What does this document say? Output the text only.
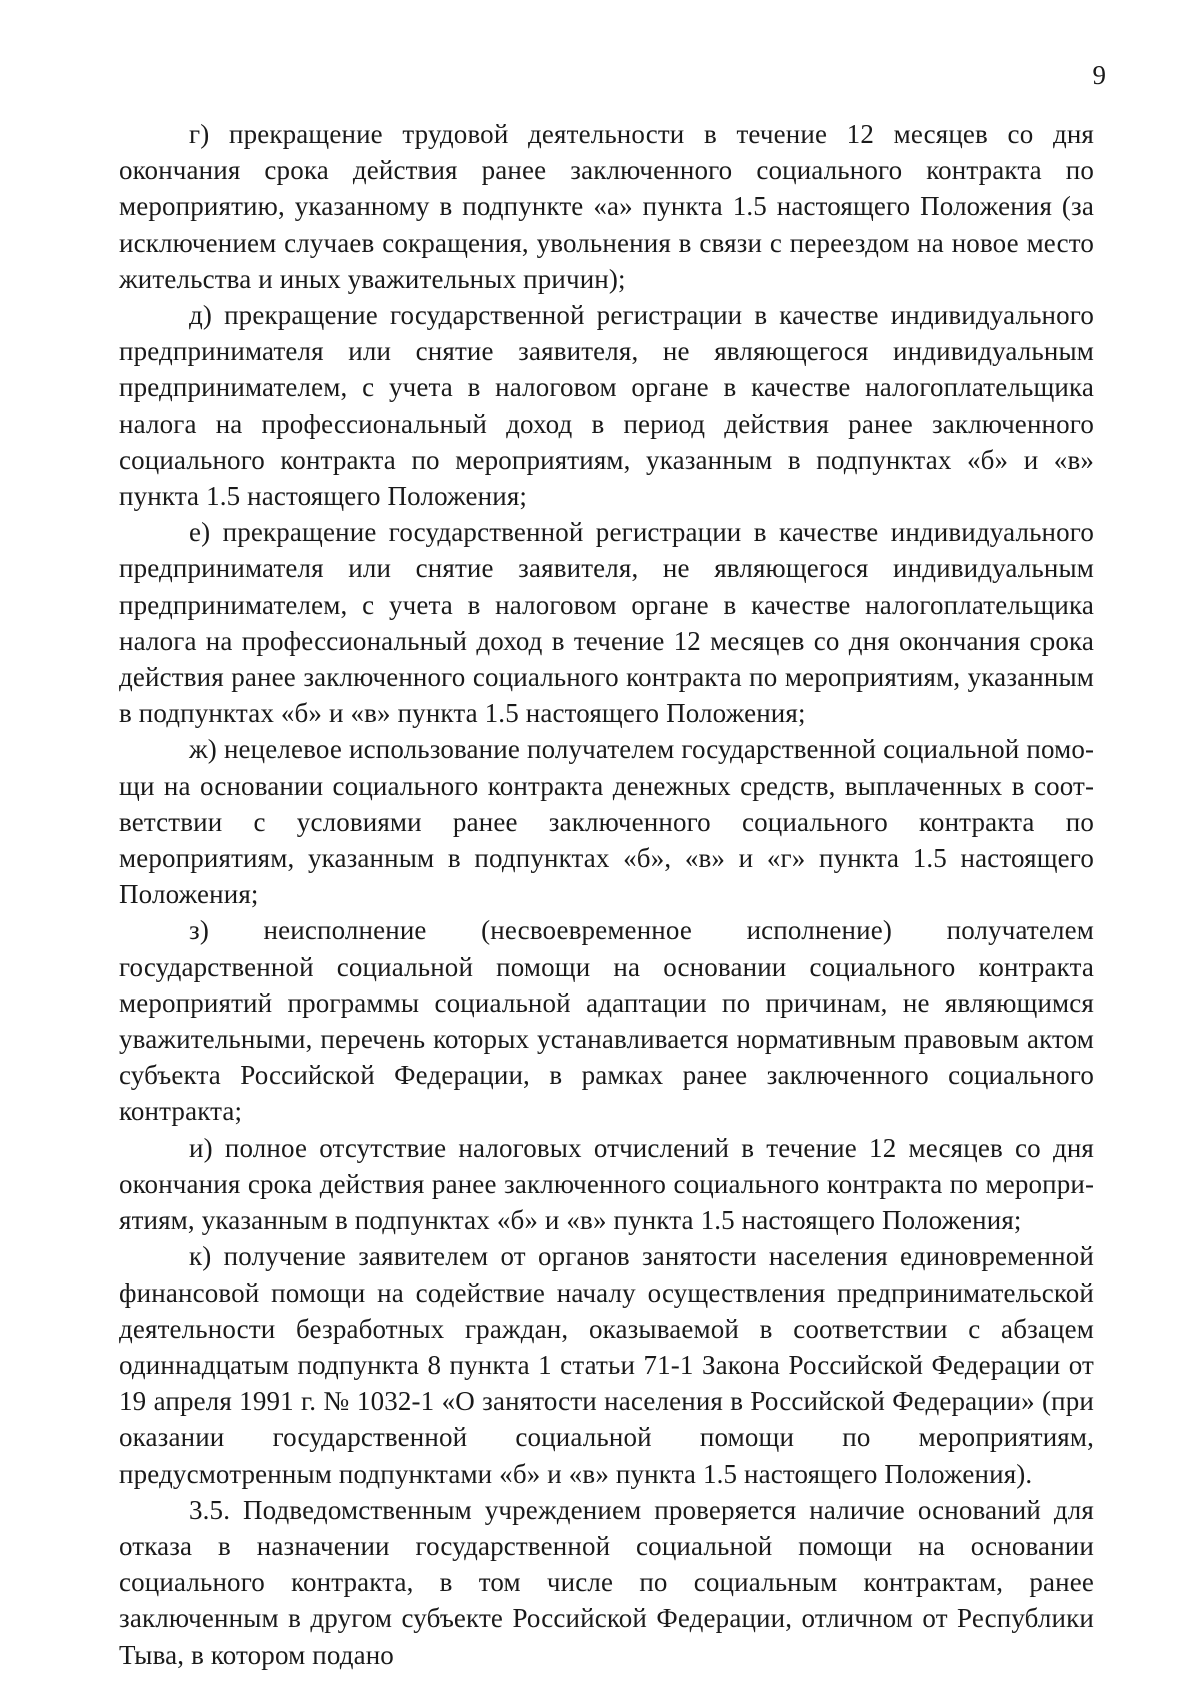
9

г) прекращение трудовой деятельности в течение 12 месяцев со дня окончания срока действия ранее заключенного социального контракта по мероприятию, указанному в подпункте «а» пункта 1.5 настоящего Положения (за исключением случаев сокращения, увольнения в связи с переездом на новое место жительства и иных уважительных причин);

д) прекращение государственной регистрации в качестве индивидуального предпринимателя или снятие заявителя, не являющегося индивидуальным предпринимателем, с учета в налоговом органе в качестве налогоплательщика налога на профессиональный доход в период действия ранее заключенного социального контракта по мероприятиям, указанным в подпунктах «б» и «в» пункта 1.5 настоящего Положения;

е) прекращение государственной регистрации в качестве индивидуального предпринимателя или снятие заявителя, не являющегося индивидуальным предпринимателем, с учета в налоговом органе в качестве налогоплательщика налога на профессиональный доход в течение 12 месяцев со дня окончания срока действия ранее заключенного социального контракта по мероприятиям, указанным в подпунктах «б» и «в» пункта 1.5 настоящего Положения;

ж) нецелевое использование получателем государственной социальной помощи на основании социального контракта денежных средств, выплаченных в соответствии с условиями ранее заключенного социального контракта по мероприятиям, указанным в подпунктах «б», «в» и «г» пункта 1.5 настоящего Положения;

з) неисполнение (несвоевременное исполнение) получателем государственной социальной помощи на основании социального контракта мероприятий программы социальной адаптации по причинам, не являющимся уважительными, перечень которых устанавливается нормативным правовым актом субъекта Российской Федерации, в рамках ранее заключенного социального контракта;

и) полное отсутствие налоговых отчислений в течение 12 месяцев со дня окончания срока действия ранее заключенного социального контракта по мероприятиям, указанным в подпунктах «б» и «в» пункта 1.5 настоящего Положения;

к) получение заявителем от органов занятости населения единовременной финансовой помощи на содействие началу осуществления предпринимательской деятельности безработных граждан, оказываемой в соответствии с абзацем одиннадцатым подпункта 8 пункта 1 статьи 71-1 Закона Российской Федерации от 19 апреля 1991 г. № 1032-1 «О занятости населения в Российской Федерации» (при оказании государственной социальной помощи по мероприятиям, предусмотренным подпунктами «б» и «в» пункта 1.5 настоящего Положения).

3.5. Подведомственным учреждением проверяется наличие оснований для отказа в назначении государственной социальной помощи на основании социального контракта, в том числе по социальным контрактам, ранее заключенным в другом субъекте Российской Федерации, отличном от Республики Тыва, в котором подано
